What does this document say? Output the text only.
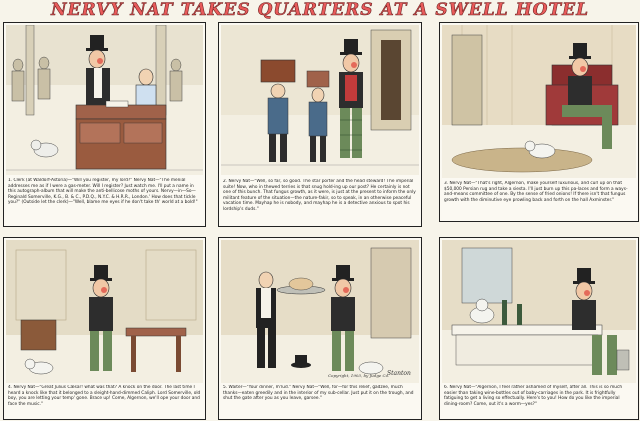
NERVY NAT TAKES QUARTERS AT A SWELL HOTEL
1. Clerk (at Waldorf-Astoria)—"Will you register, my lord?" Nervy Nat—"The menial addresses me as if I were a gas-meter. Will I register? Just watch me. I'll put a name in this autograph-album that will make the anti-bellicose moths of yours. Nervy—in—So—Reginald Somerville, K.G., B. & C., P.D.Q., N.Y.C. & H.R.R., London.' How does that tickle you?" (Outside let the clerk)—"Well, blame me eyes if he don't take th' world at a bold!"
2. Nervy Nat—"Well, so far, so good. The star porter and the head steward! The imperial suite! Now, who in thewed terries is that snug hold-ing up our post? He certainly is not one of this bunch. That fungus growth, as it were, is just at the present to inform the only militant feature of the situation—the nature-fakir, so to speak, in an otherwise peaceful vacation time. Mayhap he is nobody, and mayhap he is a detective anxious to spot his lordship's duds."
3. Nervy Nat—"That's right, Algernon, make yourself luxurious, and curl up on that $50,000 Persian rug and take a siesta. I'll just burn up this pa-laces and form a ways-and-means committee of one. By the sense of fried onions! If there isn't that fungus growth with the diminutive eye prowling back and forth on the hall Axminster."
4. Nervy Nat—"Great Julius Cæsar! what was that? A knock on the door. The last time I heard a knock like that it belonged to a sleight-hand-dimmed Caliph. Lord Somerville, old boy, you are letting your temp' gone. Brace up! Come, Algernon, we'll ope your door and face the music."
5. Waiter—"Your dinner, m'lud." Nervy Nat—"Well, for—for this relief, gadzee, much thanks—eaten greedily and in the interior of my sub-cellar. Just put it on the trough, and shut the gate after you as you leave, garsee."
6. Nervy Nat—"Algernon, I feel rather ashamed of myself, after all. This is so much easier than taking wine-bottles out of baby-carriages in the park. It is frightfully fatiguing to get a living so effectually. Here's to you! How do you like the imperial dining-room? Come, out it's a worm—yes?"
Copyright, 1903, by Judge Co.
Stanton
